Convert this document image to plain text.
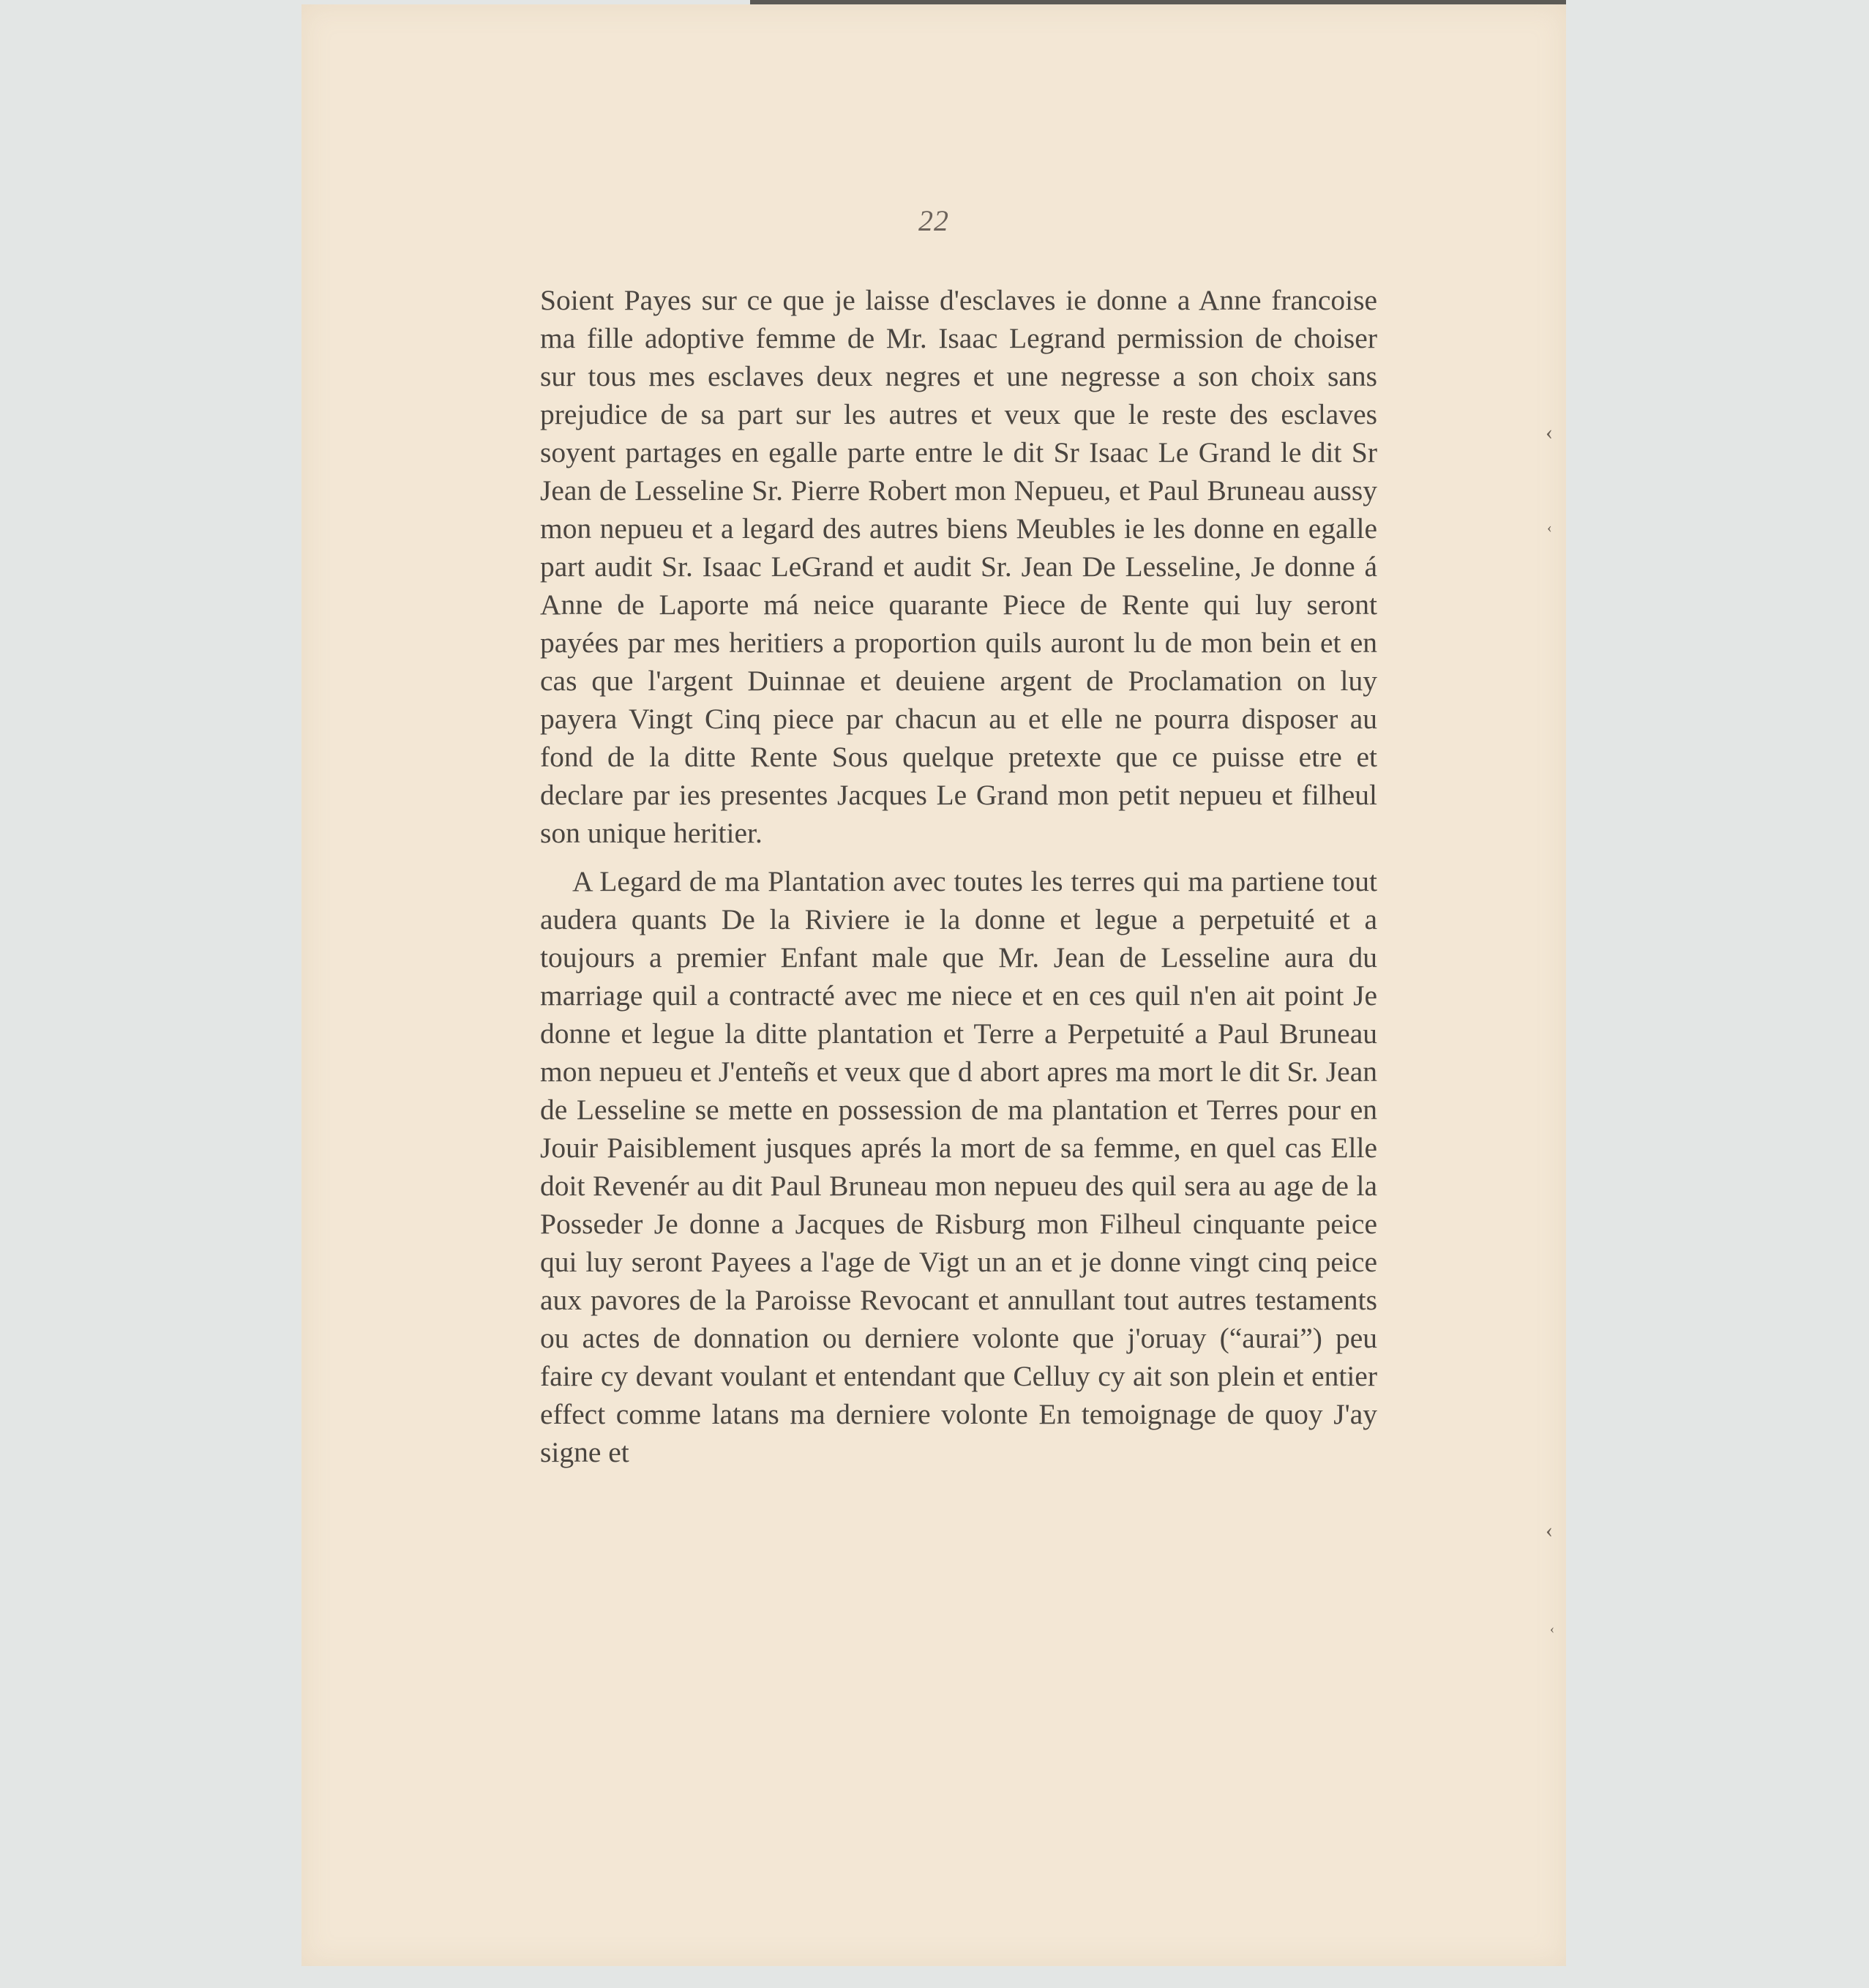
22

Soient Payes sur ce que je laisse d'esclaves ie donne a Anne francoise ma fille adoptive femme de Mr. Isaac Legrand permission de choiser sur tous mes esclaves deux negres et une negresse a son choix sans prejudice de sa part sur les autres et veux que le reste des esclaves soyent partages en egalle parte entre le dit Sr Isaac Le Grand le dit Sr Jean de Lesseline Sr. Pierre Robert mon Nepueu, et Paul Bruneau aussy mon nepueu et a legard des autres biens Meubles ie les donne en egalle part audit Sr. Isaac LeGrand et audit Sr. Jean De Lesseline, Je donne á Anne de Laporte má neice quarante Piece de Rente qui luy seront payées par mes heritiers a proportion quils auront lu de mon bein et en cas que l'argent Duinnae et deuiene argent de Proclamation on luy payera Vingt Cinq piece par chacun au et elle ne pourra disposer au fond de la ditte Rente Sous quelque pretexte que ce puisse etre et declare par ies presentes Jacques Le Grand mon petit nepueu et filheul son unique heritier.

A Legard de ma Plantation avec toutes les terres qui ma partiene tout audera quants De la Riviere ie la donne et legue a perpetuité et a toujours a premier Enfant male que Mr. Jean de Lesseline aura du marriage quil a contracté avec me niece et en ces quil n'en ait point Je donne et legue la ditte plantation et Terre a Perpetuité a Paul Bruneau mon nepueu et J'enteñs et veux que d abort apres ma mort le dit Sr. Jean de Lesseline se mette en possession de ma plantation et Terres pour en Jouir Paisiblement jusques aprés la mort de sa femme, en quel cas Elle doit Revenér au dit Paul Bruneau mon nepueu des quil sera au age de la Posseder Je donne a Jacques de Risburg mon Filheul cinquante peice qui luy seront Payees a l'age de Vigt un an et je donne vingt cinq peice aux pavores de la Paroisse Revocant et annullant tout autres testaments ou actes de donnation ou derniere volonte que j'oruay (“aurai”) peu faire cy devant voulant et entendant que Celluy cy ait son plein et entier effect comme latans ma derniere volonte En temoignage de quoy J'ay signe et

‹
‹
‹
‹
